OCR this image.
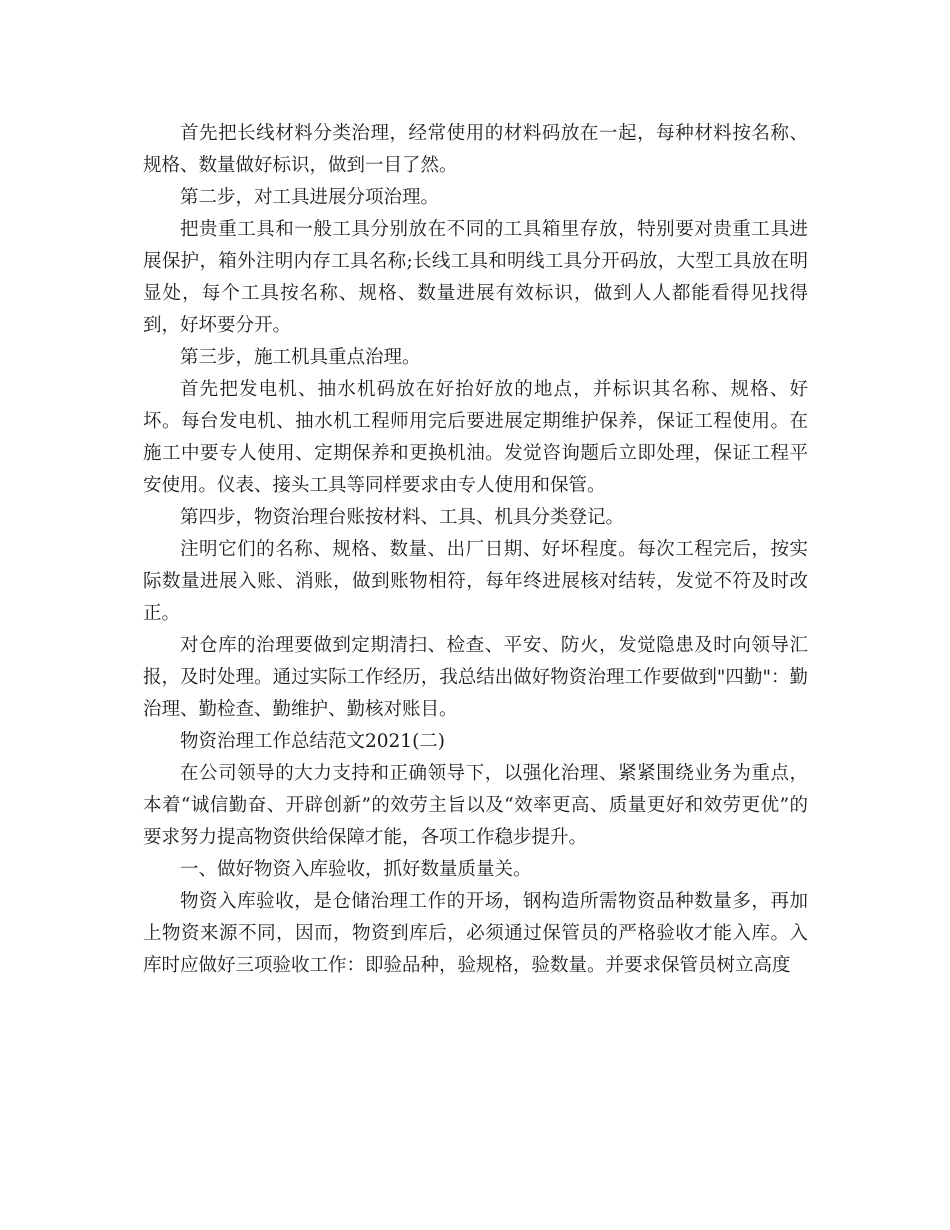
首先把长线材料分类治理，经常使用的材料码放在一起，每种材料按名称、规格、数量做好标识，做到一目了然。

第二步，对工具进展分项治理。

把贵重工具和一般工具分别放在不同的工具箱里存放，特别要对贵重工具进展保护，箱外注明内存工具名称;长线工具和明线工具分开码放，大型工具放在明显处，每个工具按名称、规格、数量进展有效标识，做到人人都能看得见找得到，好坏要分开。

第三步，施工机具重点治理。

首先把发电机、抽水机码放在好抬好放的地点，并标识其名称、规格、好坏。每台发电机、抽水机工程师用完后要进展定期维护保养，保证工程使用。在施工中要专人使用、定期保养和更换机油。发觉咨询题后立即处理，保证工程平安使用。仪表、接头工具等同样要求由专人使用和保管。

第四步，物资治理台账按材料、工具、机具分类登记。

注明它们的名称、规格、数量、出厂日期、好坏程度。每次工程完后，按实际数量进展入账、消账，做到账物相符，每年终进展核对结转，发觉不符及时改正。

对仓库的治理要做到定期清扫、检查、平安、防火，发觉隐患及时向领导汇报，及时处理。通过实际工作经历，我总结出做好物资治理工作要做到"四勤"：勤治理、勤检查、勤维护、勤核对账目。

物资治理工作总结范文2021(二)

在公司领导的大力支持和正确领导下，以强化治理、紧紧围绕业务为重点，本着“诚信勤奋、开辟创新”的效劳主旨以及“效率更高、质量更好和效劳更优”的要求努力提高物资供给保障才能，各项工作稳步提升。

一、做好物资入库验收，抓好数量质量关。

物资入库验收，是仓储治理工作的开场，钢构造所需物资品种数量多，再加上物资来源不同，因而，物资到库后，必须通过保管员的严格验收才能入库。入库时应做好三项验收工作：即验品种，验规格，验数量。并要求保管员树立高度
